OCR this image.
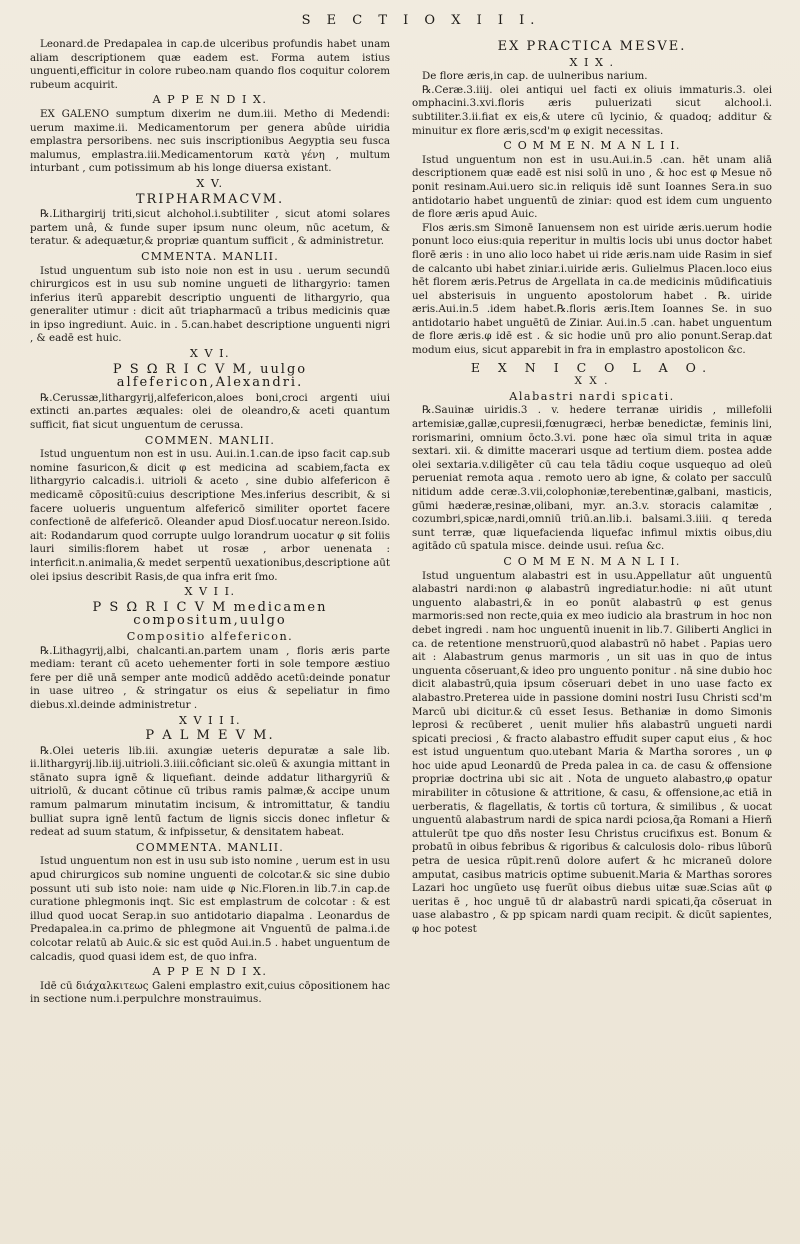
S E C T I O X I I I.

Leonard.de Predapalea in cap.de ulceribus profundis habet unam aliam descriptionem quæ eadem est. Forma autem istius unguenti,efficitur in colore rubeo.nam quando flos coquitur colorem rubeum acquirit.

A P P E N D I X.

EX GALENO sumptum dixerim ne dum.iii. Metho di Medendi: uerum maxime.ii. Medicamentorum per genera abûde uiridia emplastra persoribens. nec suis inscriptionibus Aegyptia seu fusca malumus, emplastra.iii.Medicamentorum κατὰ γένη , multum inturbant , cum potissimum ab his longe diuersa existant.

X V.
TRIPHARMACVM.

℞.Lithargirij triti,sicut alchohol.i.subtiliter , sicut atomi solares partem unâ, & funde super ipsum nunc oleum, nūc acetum, & teratur. & adequætur,& propriæ quantum sufficit , & administretur.

CMMENTA. MANLII.

Istud unguentum sub isto noie non est in usu . uerum secundū chirurgicos est in usu sub nomine ungueti de lithargyrio: tamen inferius iterū apparebit descriptio unguenti de lithargyrio, qua generaliter utimur : dicit aūt triapharmacū a tribus medicinis quæ in ipso ingrediunt. Auic. in . 5.can.habet descriptione unguenti nigri , & eadē est huic.

X V I.
P S Ω R I C V M, uulgo alfefericon,Alexandri.

℞.Cerussæ,lithargyrij,alfefericon,aloes boni,croci argenti uiui extincti an.partes æquales: olei de oleandro,& aceti quantum sufficit, fiat sicut unguentum de cerussa.

COMMEN. MANLII.

Istud unguentum non est in usu. Aui.in.1.can.de ipso facit cap.sub nomine fasuricon,& dicit φ est medicina ad scabiem,facta ex lithargyrio calcadis.i. uitrioli & aceto , sine dubio alfefericon ē medicamē cōpositū:cuius descriptione Mes.inferius describit, & si facere uolueris unguentum alfefericō similiter oportet facere confectionē de alfefericō. Oleander apud Diosf.uocatur nereon.Isido. ait: Rodandarum quod corrupte uulgo lorandrum uocatur φ sit foliis lauri similis:florem habet ut rosæ , arbor uenenata : interficit.n.animalia,& medet serpentū uexationibus,descriptione aūt olei ipsius describit Rasis,de qua infra erit ſmo.

X V I I.
P S Ω R I C V M medicamen compositum,uulgo
Compositio alfefericon.

℞.Lithagyrij,albi, chalcanti.an.partem unam , floris æris parte mediam: terant cū aceto uehementer forti in sole tempore æstiuo fere per diē unā semper ante modicū addēdo acetū:deinde ponatur in uase uitreo , & stringatur os eius & sepeliatur in fimo diebus.xl.deinde administretur .

X V I I I.
P A L M E V M.

℞.Olei ueteris lib.iii. axungiæ ueteris depuratæ a sale lib. ii.lithargyrij.lib.iij.uitrioli.3.iiii.côficiant sic.oleū & axungia mittant in stānato supra ignē & liquefiant. deinde addatur lithargyriū & uitriolū, & ducant cōtinue cū tribus ramis palmæ,& accipe unum ramum palmarum minutatim incisum, & intromittatur, & tandiu bulliat supra ignē lentū factum de lignis siccis donec infletur & redeat ad suum statum, & infpissetur, & densitatem habeat.

COMMENTA. MANLII.

Istud unguentum non est in usu sub isto nomine , uerum est in usu apud chirurgicos sub nomine unguenti de colcotar.& sic sine dubio possunt uti sub isto noie: nam uide φ Nic.Floren.in lib.7.in cap.de curatione phlegmonis inqt. Sic est emplastrum de colcotar : & est illud quod uocat Serap.in suo antidotario diapalma . Leonardus de Predapalea.in ca.primo de phlegmone ait Vnguentū de palma.i.de colcotar relatū ab Auic.& sic est quōd Aui.in.5 . habet unguentum de calcadis, quod quasi idem est, de quo infra.

A P P E N D I X.

Idē cū διάχαλκιτεως Galeni emplastro exit,cuius cōpositionem hac in sectione num.i.perpulchre monstrauimus.

EX PRACTICA MESVE.
X I X .

De flore æris,in cap. de uulneribus narium.

℞.Ceræ.3.iiij. olei antiqui uel facti ex oliuis immaturis.3. olei omphacini.3.xvi.floris æris puluerizati sicut alchool.i. subtiliter.3.ii.fiat ex eis,& utere cū lycinio, & quadoq; additur & minuitur ex flore æris,scd'm φ exigit necessitas.

C O M M E N. M A N L I I.

Istud unguentum non est in usu.Aui.in.5 .can. hēt unam aliā descriptionem quæ eadē est nisi solū in uno , & hoc est φ Mesue nō ponit resinam.Aui.uero sic.in reliquis idē sunt Ioannes Sera.in suo antidotario habet unguentū de ziniar: quod est idem cum unguento de flore æris apud Auic.

Flos æris.sm Simonē Ianuensem non est uiride æris.uerum hodie ponunt loco eius:quia reperitur in multis locis ubi unus doctor habet florē æris : in uno alio loco habet ui ride æris.nam uide Rasim in sief de calcanto ubi habet ziniar.i.uiride æris. Gulielmus Placen.loco eius hēt florem æris.Petrus de Argellata in ca.de medicinis mūdificatiuis uel absterisuis in unguento apostolorum habet . ℞. uiride æris.Aui.in.5 .idem habet.℞.floris æris.Item Ioannes Se. in suo antidotario habet unguētū de Ziniar. Aui.in.5 .can. habet unguentum de flore æris.φ idē est . & sic hodie unū pro alio ponunt.Serap.dat modum eius, sicut apparebit in fra in emplastro apostolicon &c.

E X N I C O L A O.
X X .
Alabastri nardi spicati.

℞.Sauinæ uiridis.3 . v. hedere terranæ uiridis , millefolii artemisiæ,gallæ,cupresii,fœnugræci, herbæ benedictæ, feminis lini, rorismarini, omnium ōcto.3.vi. pone hæc oīa simul trita in aquæ sextari. xii. & dimitte macerari usque ad tertium diem. postea adde olei sextaria.v.diligēter cū cau tela tādiu coque usquequo ad oleū perueniat remota aqua . remoto uero ab igne, & colato per sacculū nitidum adde ceræ.3.vii,colophoniæ,terebentinæ,galbani, masticis, gūmi hæderæ,resinæ,olibani, myr. an.3.v. storacis calamitæ , cozumbri,spicæ,nardi,omniū triū.an.lib.i. balsami.3.iiii. q tereda sunt terræ, quæ liquefacienda liquefac infimul mixtis oibus,diu agitādo cū spatula misce. deinde usui. reſua &c.

C O M M E N. M A N L I I.

Istud unguentum alabastri est in usu.Appellatur aūt unguentū alabastri nardi:non φ alabastrū ingrediatur.hodie: ni aūt utunt unguento alabastri,& in eo ponūt alabastrū φ est genus marmoris:sed non recte,quia ex meo iudicio ala brastrum in hoc non debet ingredi . nam hoc unguentū inuenit in lib.7. Giliberti Anglici in ca. de retentione menstruorū,quod alabastrū nō habet . Papias uero ait : Alabastrum genus marmoris , un sit uas in quo de intus unguenta cōseruant,& ideo pro unguento ponitur . nā sine dubio hoc dicit alabastrū,quia ipsum cōseruari debet in uno uase facto ex alabastro.Preterea uide in passione domini nostri Iusu Christi scd'm Marcū ubi dicitur.& cū esset Iesus. Bethaniæ in domo Simonis leprosi & recūberet , uenit mulier hñs alabastrū ungueti nardi spicati preciosi , & fracto alabastro effudit super caput eius , & hoc est istud unguentum quo.utebant Maria & Martha sorores , un φ hoc uide apud Leonardū de Preda palea in ca. de casu & offensione propriæ doctrina ubi sic ait . Nota de ungueto alabastro,φ opatur mirabiliter in cōtusione & attritione, & casu, & offensione,ac etiā in uerberatis, & flagellatis, & tortis cū tortura, & similibus , & uocat unguentū alabastrum nardi de spica nardi pciosa,q̄a Romani a Hierñ attulerūt tpe quo dñs noster Iesu Christus crucifixus est. Bonum & probatū in oibus febribus & rigoribus & calculosis dolo- ribus lūborū petra de uesica rūpit.renū dolore aufert & hc micraneū dolore amputat, casibus matricis optime subuenit.Maria & Marthas sorores Lazari hoc ungūeto usę fuerūt oibus diebus uitæ suæ.Scias aūt φ ueritas ē , hoc unguē tū dr alabastrū nardi spicati,q̄a cōseruat in uase alabastro , & pp spicam nardi quam recipit. & dicūt sapientes, φ hoc potest
